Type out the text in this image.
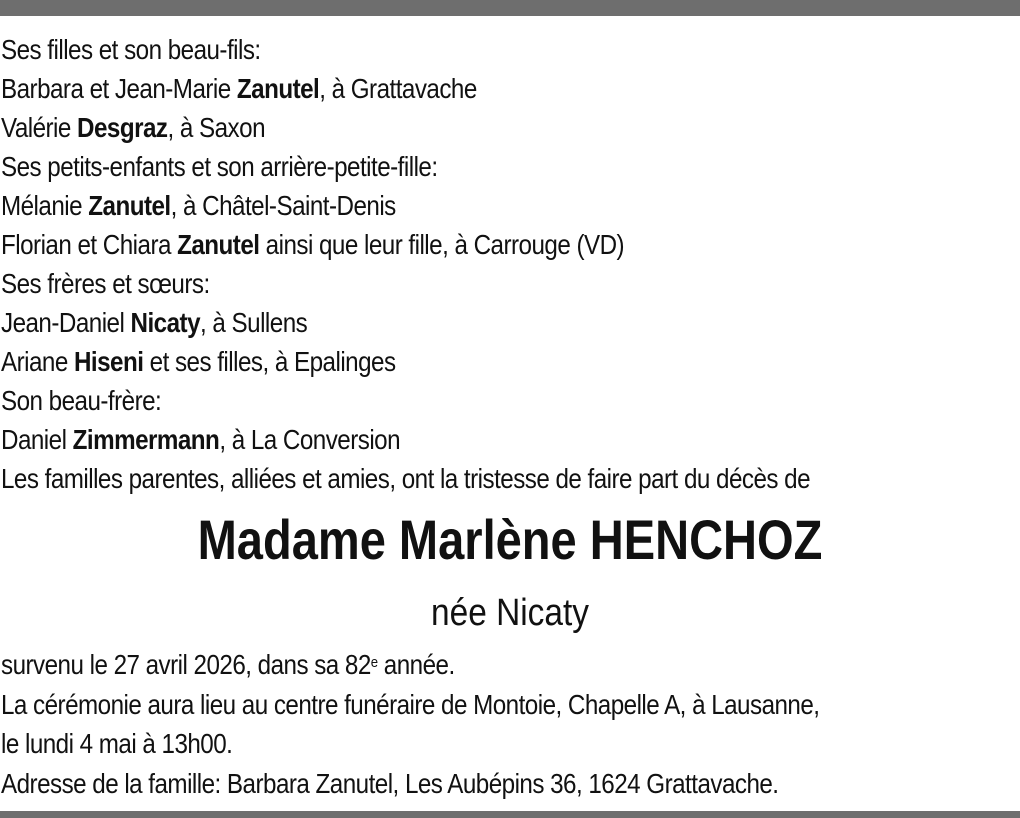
Ses filles et son beau-fils:
Barbara et Jean-Marie Zanutel, à Grattavache
Valérie Desgraz, à Saxon
Ses petits-enfants et son arrière-petite-fille:
Mélanie Zanutel, à Châtel-Saint-Denis
Florian et Chiara Zanutel ainsi que leur fille, à Carrouge (VD)
Ses frères et sœurs:
Jean-Daniel Nicaty, à Sullens
Ariane Hiseni et ses filles, à Epalinges
Son beau-frère:
Daniel Zimmermann, à La Conversion
Les familles parentes, alliées et amies, ont la tristesse de faire part du décès de
Madame Marlène HENCHOZ
née Nicaty
survenu le 27 avril 2026, dans sa 82e année.
La cérémonie aura lieu au centre funéraire de Montoie, Chapelle A, à Lausanne,
le lundi 4 mai à 13h00.
Adresse de la famille: Barbara Zanutel, Les Aubépins 36, 1624 Grattavache.
